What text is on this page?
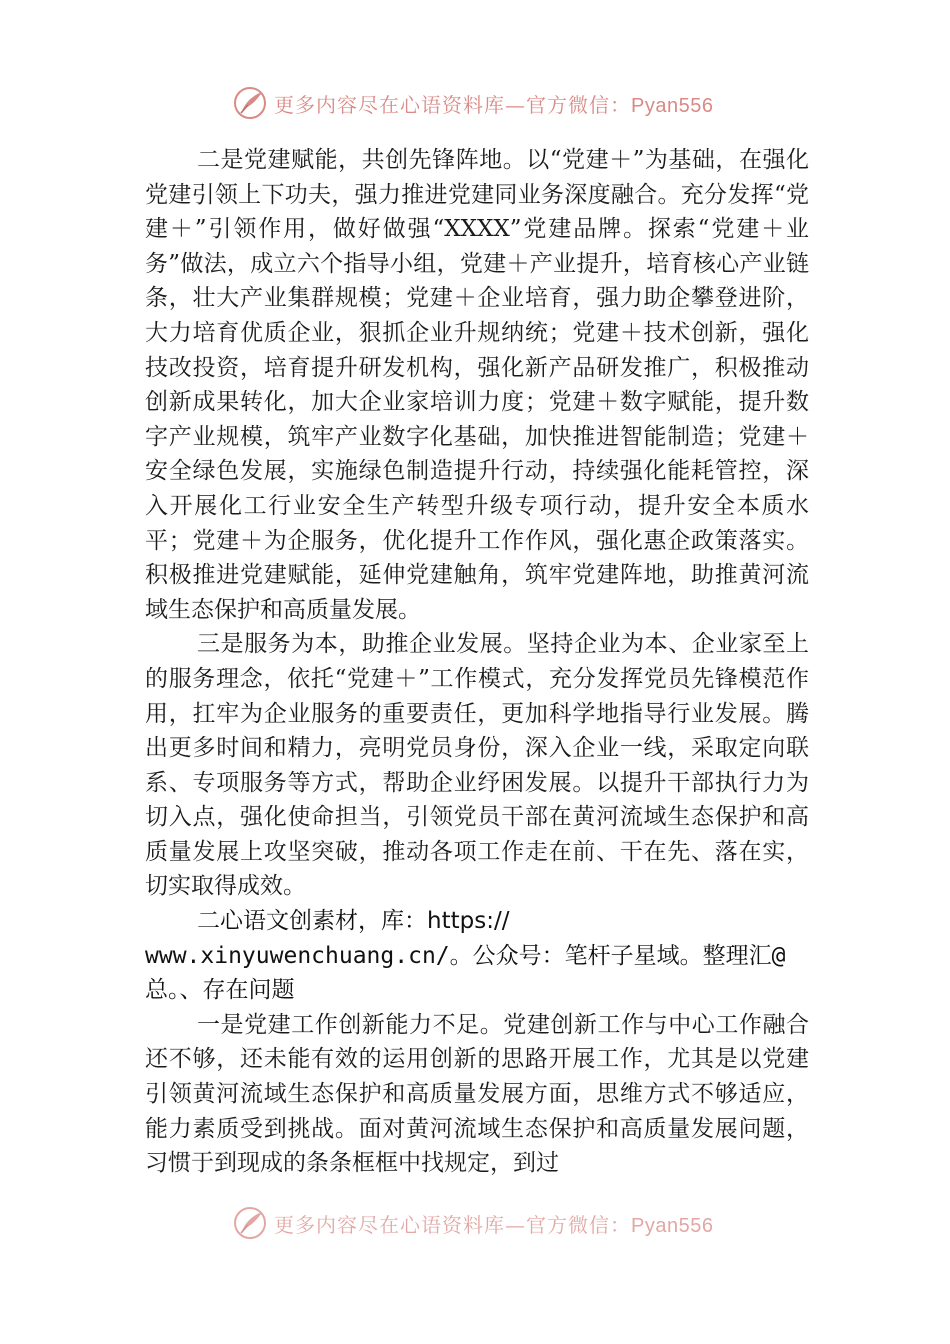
更多内容尽在心语资料库—官方微信：Pyan556

二是党建赋能，共创先锋阵地。以“党建＋”为基础，在强化党建引领上下功夫，强力推进党建同业务深度融合。充分发挥“党建＋”引领作用，做好做强“XXXX”党建品牌。探索“党建＋业务”做法，成立六个指导小组，党建＋产业提升，培育核心产业链条，壮大产业集群规模；党建＋企业培育，强力助企攀登进阶，大力培育优质企业，狠抓企业升规纳统；党建＋技术创新，强化技改投资，培育提升研发机构，强化新产品研发推广，积极推动创新成果转化，加大企业家培训力度；党建＋数字赋能，提升数字产业规模，筑牢产业数字化基础，加快推进智能制造；党建＋安全绿色发展，实施绿色制造提升行动，持续强化能耗管控，深入开展化工行业安全生产转型升级专项行动，提升安全本质水平；党建＋为企服务，优化提升工作作风，强化惠企政策落实。积极推进党建赋能，延伸党建触角，筑牢党建阵地，助推黄河流域生态保护和高质量发展。

三是服务为本，助推企业发展。坚持企业为本、企业家至上的服务理念，依托“党建＋”工作模式，充分发挥党员先锋模范作用，扛牢为企业服务的重要责任，更加科学地指导行业发展。腾出更多时间和精力，亮明党员身份，深入企业一线，采取定向联系、专项服务等方式，帮助企业纾困发展。以提升干部执行力为切入点，强化使命担当，引领党员干部在黄河流域生态保护和高质量发展上攻坚突破，推动各项工作走在前、干在先、落在实，切实取得成效。

二心语文创素材，库：https://
www.xinyuwenchuang.cn/。公众号：笔杆子星域。整理汇@
总。、存在问题

一是党建工作创新能力不足。党建创新工作与中心工作融合还不够，还未能有效的运用创新的思路开展工作，尤其是以党建引领黄河流域生态保护和高质量发展方面，思维方式不够适应，能力素质受到挑战。面对黄河流域生态保护和高质量发展问题，习惯于到现成的条条框框中找规定，到过

更多内容尽在心语资料库—官方微信：Pyan556
